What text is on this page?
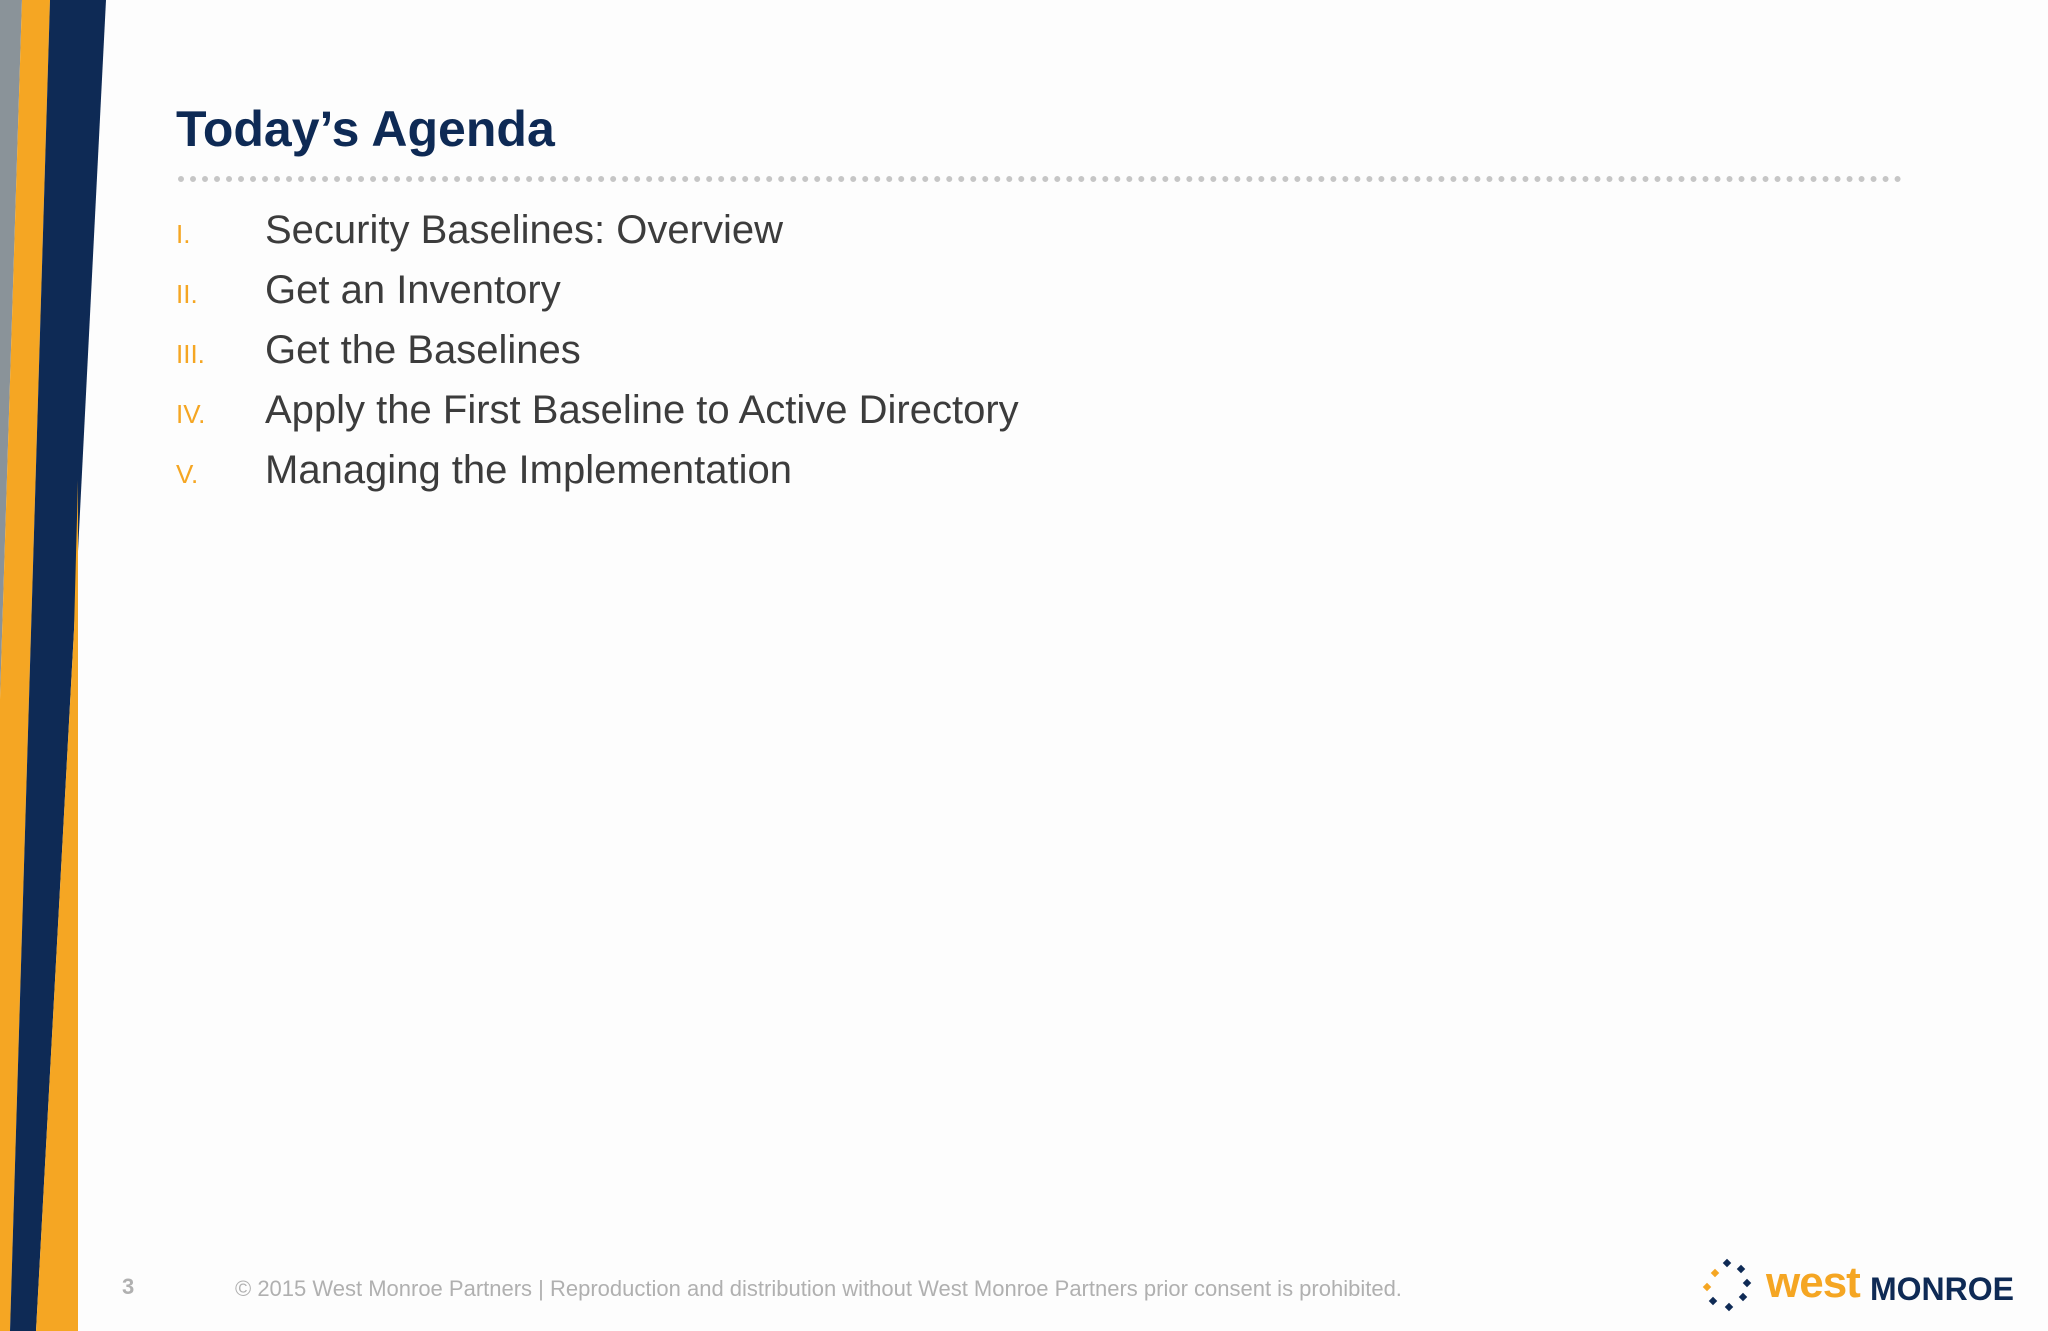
Today’s Agenda
I.	Security Baselines: Overview
II.	Get an Inventory
III.	Get the Baselines
IV.	Apply the First Baseline to Active Directory
V.	Managing the Implementation
3	© 2015 West Monroe Partners | Reproduction and distribution without West Monroe Partners prior consent is prohibited.	west MONROE
